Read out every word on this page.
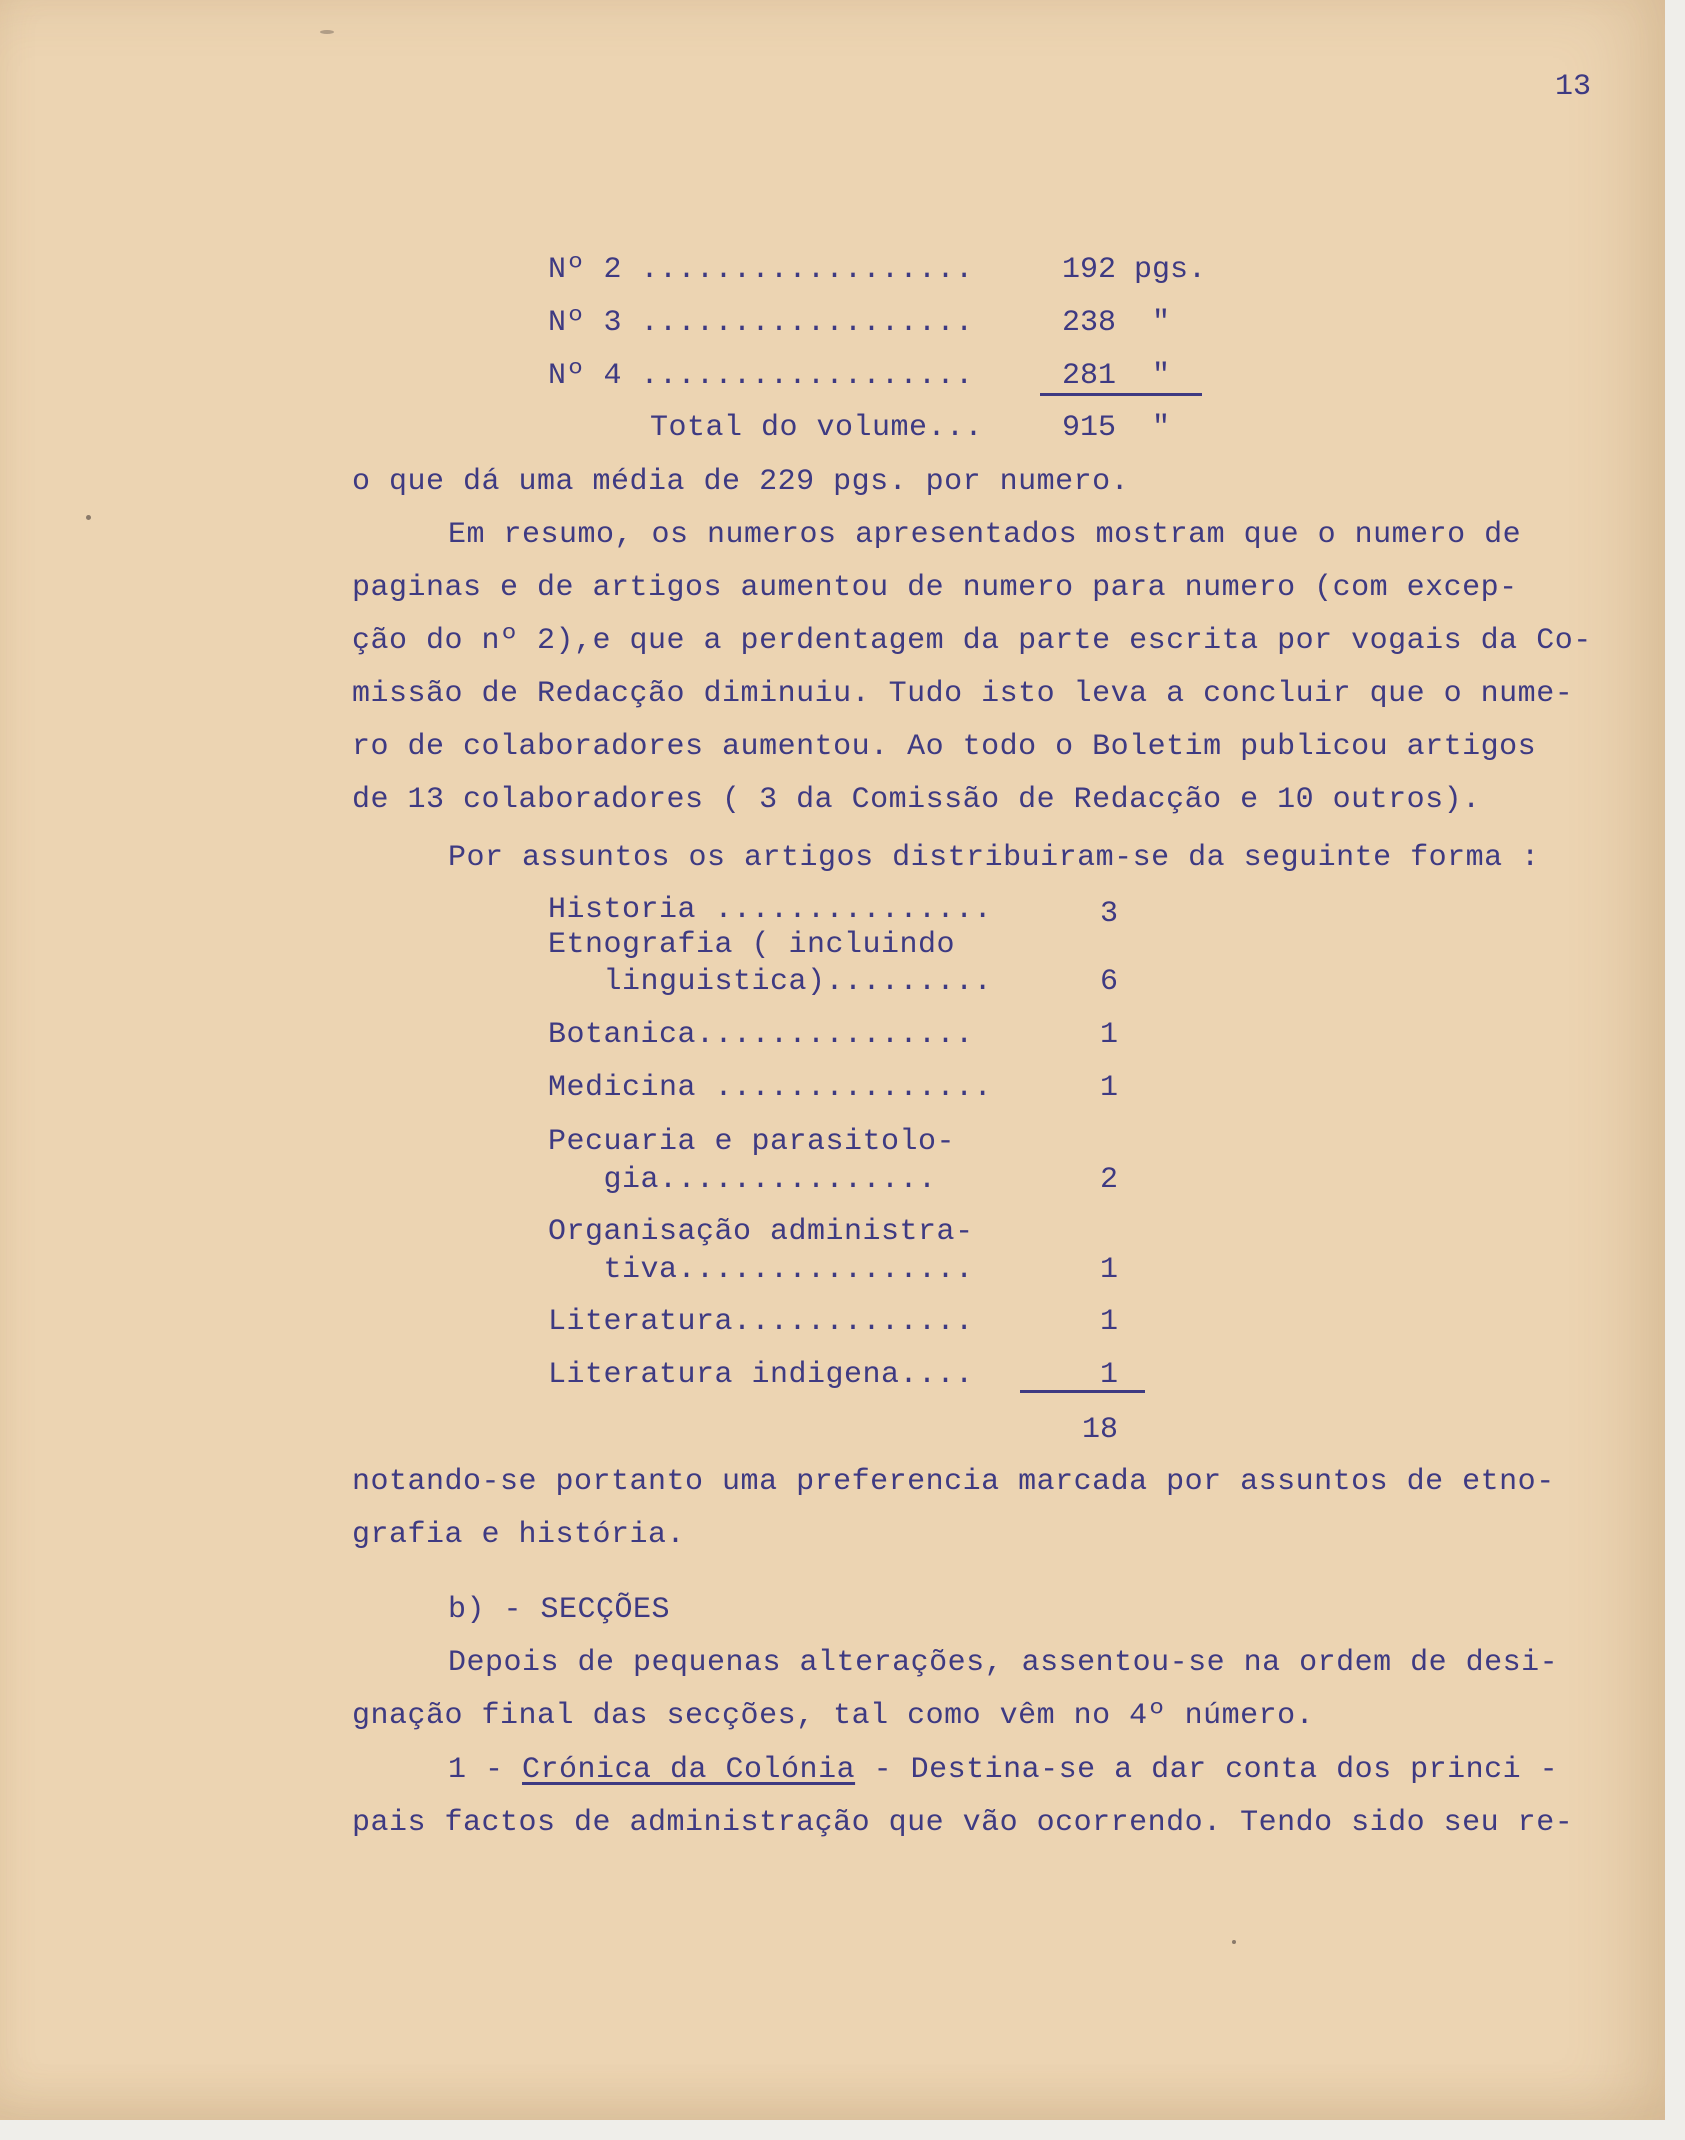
13
Nº 2 ..................	192 pgs.
Nº 3 ..................	238  "
Nº 4 ..................	281  "
Total do volume...	915  "
o que dá uma média de 229 pgs. por numero.
Em resumo, os numeros apresentados mostram que o numero de
paginas e de artigos aumentou de numero para numero (com excep-
ção do nº 2),e que a perdentagem da parte escrita por vogais da Co-
missão de Redacção diminuiu. Tudo isto leva a concluir que o nume-
ro de colaboradores aumentou. Ao todo o Boletim publicou artigos
de 13 colaboradores ( 3 da Comissão de Redacção e 10 outros).
Por assuntos os artigos distribuiram-se da seguinte forma :
Historia ...............	3
Etnografia ( incluindo
linguistica).........	6
Botanica...............	1
Medicina ...............	1
Pecuaria e parasitolo-
gia...............	2
Organisação administra-
tiva................	1
Literatura.............	1
Literatura indigena....	1
18
notando-se portanto uma preferencia marcada por assuntos de etno-
grafia e história.
b) - SECÇÕES
Depois de pequenas alterações, assentou-se na ordem de desi-
gnação final das secções, tal como vêm no 4º número.
1 - Crónica da Colónia - Destina-se a dar conta dos princi -
pais factos de administração que vão ocorrendo. Tendo sido seu re-
